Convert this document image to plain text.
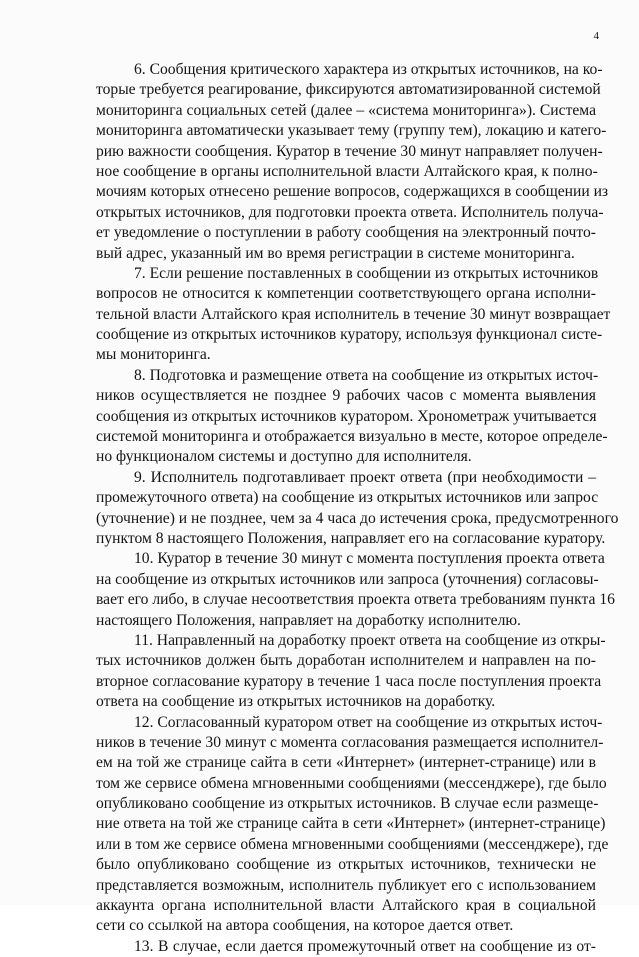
4
6. Сообщения критического характера из открытых источников, на ко-
торые требуется реагирование, фиксируются автоматизированной системой
мониторинга социальных сетей (далее – «система мониторинга»). Система
мониторинга автоматически указывает тему (группу тем), локацию и катего-
рию важности сообщения. Куратор в течение 30 минут направляет получен-
ное сообщение в органы исполнительной власти Алтайского края, к полно-
мочиям которых отнесено решение вопросов, содержащихся в сообщении из
открытых источников, для подготовки проекта ответа. Исполнитель получа-
ет уведомление о поступлении в работу сообщения на электронный почто-
вый адрес, указанный им во время регистрации в системе мониторинга.
7. Если решение поставленных в сообщении из открытых источников
вопросов не относится к компетенции соответствующего органа исполни-
тельной власти Алтайского края исполнитель в течение 30 минут возвращает
сообщение из открытых источников куратору, используя функционал систе-
мы мониторинга.
8. Подготовка и размещение ответа на сообщение из открытых источ-
ников осуществляется не позднее 9 рабочих часов с момента выявления
сообщения из открытых источников куратором. Хронометраж учитывается
системой мониторинга и отображается визуально в месте, которое определе-
но функционалом системы и доступно для исполнителя.
9. Исполнитель подготавливает проект ответа (при необходимости –
промежуточного ответа) на сообщение из открытых источников или запрос
(уточнение) и не позднее, чем за 4 часа до истечения срока, предусмотренного
пунктом 8 настоящего Положения, направляет его на согласование куратору.
10. Куратор в течение 30 минут с момента поступления проекта ответа
на сообщение из открытых источников или запроса (уточнения) согласовы-
вает его либо, в случае несоответствия проекта ответа требованиям пункта 16
настоящего Положения, направляет на доработку исполнителю.
11. Направленный на доработку проект ответа на сообщение из откры-
тых источников должен быть доработан исполнителем и направлен на по-
вторное согласование куратору в течение 1 часа после поступления проекта
ответа на сообщение из открытых источников на доработку.
12. Согласованный куратором ответ на сообщение из открытых источ-
ников в течение 30 минут с момента согласования размещается исполнител-
ем на той же странице сайта в сети «Интернет» (интернет-странице) или в
том же сервисе обмена мгновенными сообщениями (мессенджере), где было
опубликовано сообщение из открытых источников. В случае если размеще-
ние ответа на той же странице сайта в сети «Интернет» (интернет-странице)
или в том же сервисе обмена мгновенными сообщениями (мессенджере), где
было опубликовано сообщение из открытых источников, технически не
представляется возможным, исполнитель публикует его с использованием
аккаунта органа исполнительной власти Алтайского края в социальной
сети со ссылкой на автора сообщения, на которое дается ответ.
13. В случае, если дается промежуточный ответ на сообщение из от-
